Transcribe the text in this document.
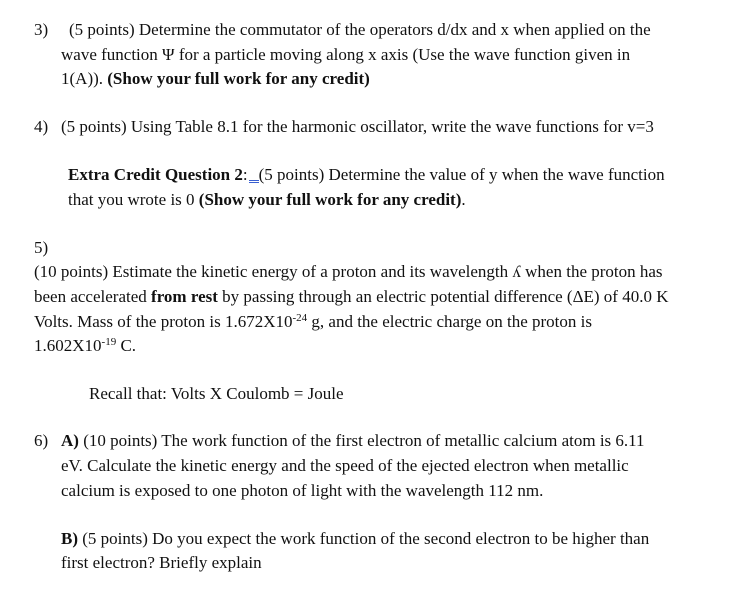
3) (5 points) Determine the commutator of the operators d/dx and x when applied on the
wave function Ψ for a particle moving along x axis (Use the wave function given in
1(A)). (Show your full work for any credit)
4) (5 points) Using Table 8.1 for the harmonic oscillator, write the wave functions for v=3
Extra Credit Question 2: (5 points) Determine the value of y when the wave function
that you wrote is 0 (Show your full work for any credit).
5)
(10 points) Estimate the kinetic energy of a proton and its wavelength ʎ when the proton has
been accelerated from rest by passing through an electric potential difference (ΔE) of 40.0 K
Volts. Mass of the proton is $1.672X10^{-24}$ g, and the electric charge on the proton is
$1.602X10^{-19}$ C.
Recall that: Volts X Coulomb = Joule
6) A) (10 points) The work function of the first electron of metallic calcium atom is 6.11
eV. Calculate the kinetic energy and the speed of the ejected electron when metallic
calcium is exposed to one photon of light with the wavelength 112 nm.
B) (5 points) Do you expect the work function of the second electron to be higher than
first electron? Briefly explain
